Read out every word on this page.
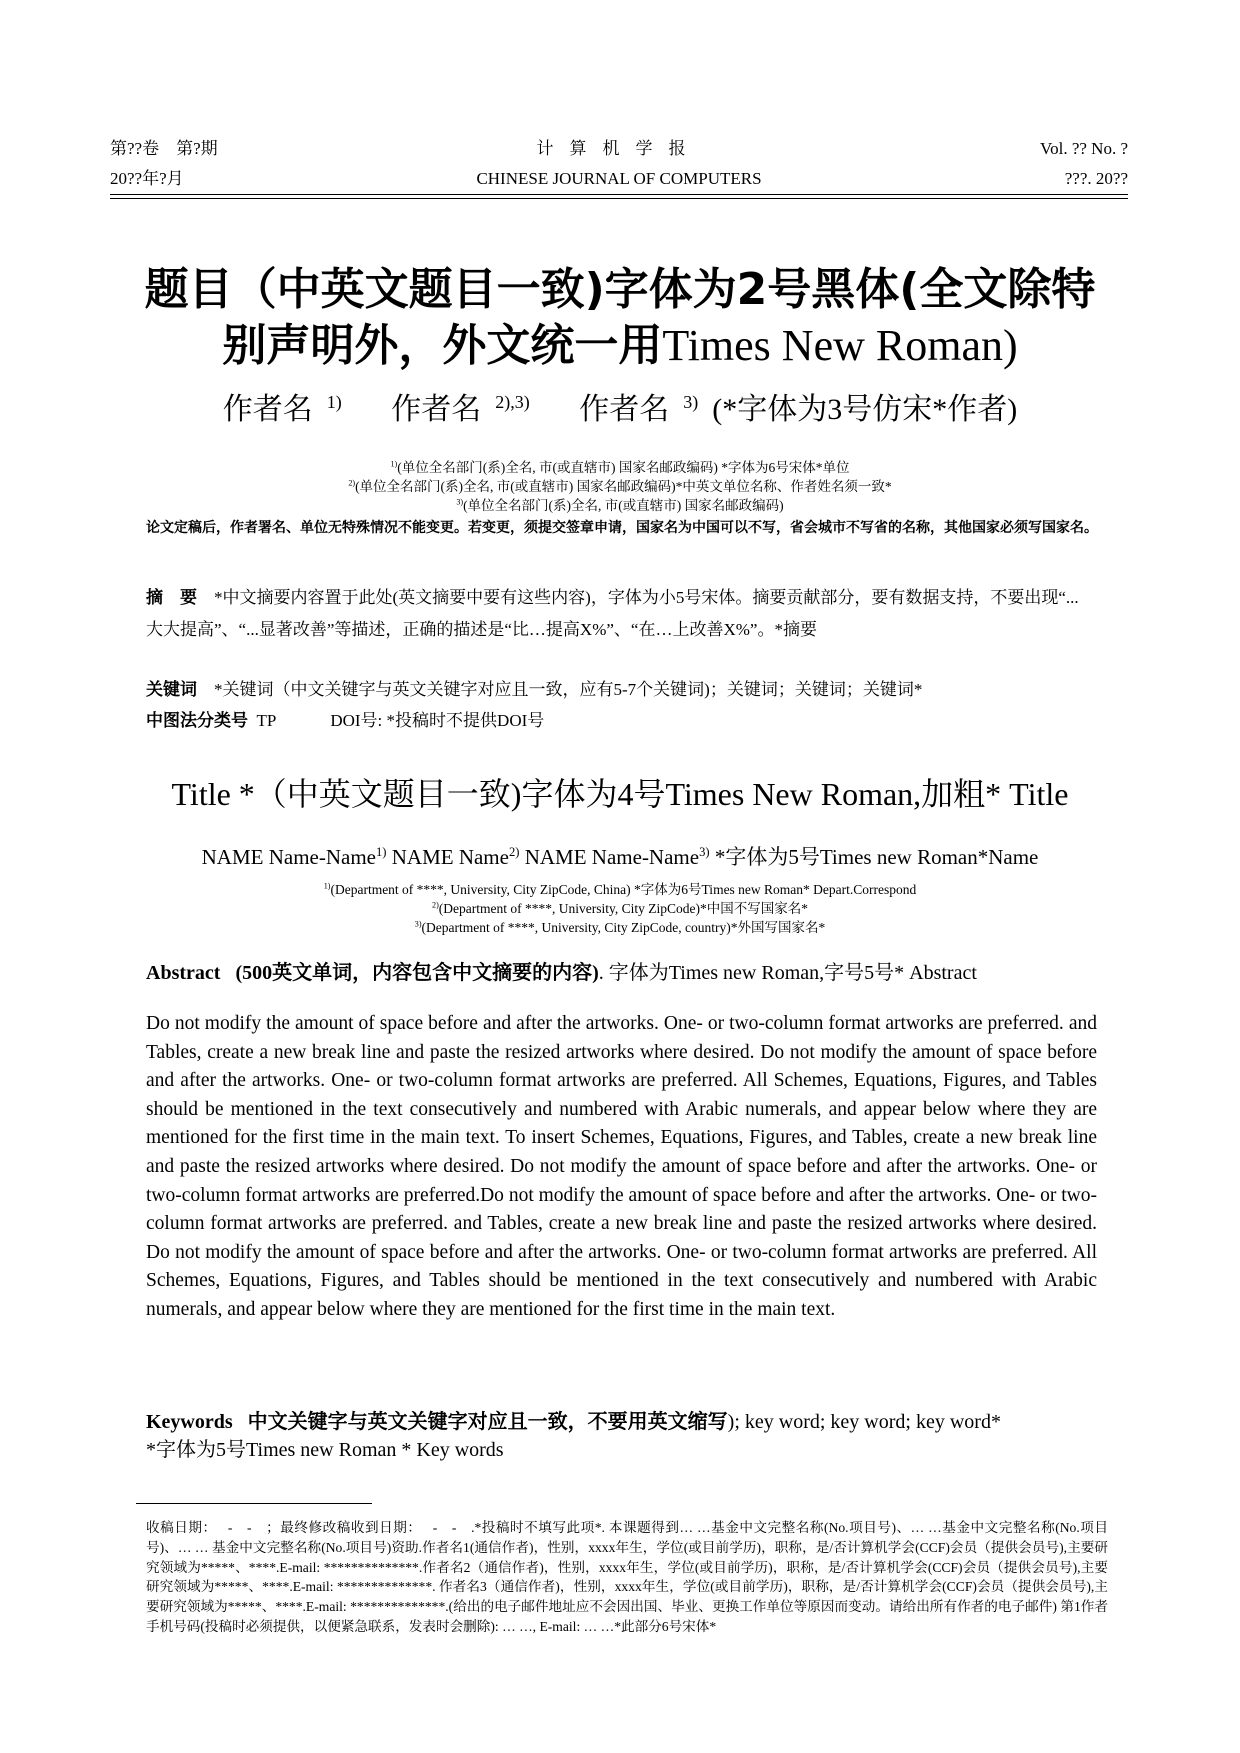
第??卷　第?期	计算机学报	Vol. ?? No. ?
20??年?月	CHINESE JOURNAL OF COMPUTERS	???. 20??
题目（中英文题目一致)字体为2号黑体(全文除特
别声明外，外文统一用Times New Roman)
作者名 $^{1)}$ 作者名 $^{2),3)}$ 作者名 $^{3)}$ (*字体为3号仿宋*作者)
$^{1)}$(单位全名部门(系)全名, 市(或直辖市) 国家名邮政编码) *字体为6号宋体*单位
$^{2)}$(单位全名部门(系)全名, 市(或直辖市) 国家名邮政编码)*中英文单位名称、作者姓名须一致*
$^{3)}$(单位全名部门(系)全名, 市(或直辖市) 国家名邮政编码)
论文定稿后，作者署名、单位无特殊情况不能变更。若变更，须提交签章申请，国家名为中国可以不写，省会城市不写省的名称，其他国家必须写国家名。
摘　要　 *中文摘要内容置于此处(英文摘要中要有这些内容)，字体为小5号宋体。摘要贡献部分，要有数据支持，不要出现“...大大提高”、“...显著改善”等描述，正确的描述是“比…提高X%”、“在…上改善X%”。*摘要
关键词　 *关键词（中文关键字与英文关键字对应且一致，应有5-7个关键词)；关键词；关键词；关键词*
中图法分类号 TP	DOI号: *投稿时不提供DOI号
Title *（中英文题目一致)字体为4号Times New Roman,加粗* Title
NAME Name-Name$^{1)}$ NAME Name$^{2)}$ NAME Name-Name$^{3)}$ *字体为5号Times new Roman*Name
$^{1)}$(Department of ****, University, City ZipCode, China) *字体为6号Times new Roman* Depart.Correspond
$^{2)}$(Department of ****, University, City ZipCode)*中国不写国家名*
$^{3)}$(Department of ****, University, City ZipCode, country)*外国写国家名*
Abstract (500英文单词，内容包含中文摘要的内容). 字体为Times new Roman,字号5号* Abstract
Do not modify the amount of space before and after the artworks. One- or two-column format artworks are preferred. and Tables, create a new break line and paste the resized artworks where desired. Do not modify the amount of space before and after the artworks. One- or two-column format artworks are preferred. All Schemes, Equations, Figures, and Tables should be mentioned in the text consecutively and numbered with Arabic numerals, and appear below where they are mentioned for the first time in the main text. To insert Schemes, Equations, Figures, and Tables, create a new break line and paste the resized artworks where desired. Do not modify the amount of space before and after the artworks. One- or two-column format artworks are preferred.Do not modify the amount of space before and after the artworks. One- or two-column format artworks are preferred. and Tables, create a new break line and paste the resized artworks where desired. Do not modify the amount of space before and after the artworks. One- or two-column format artworks are preferred. All Schemes, Equations, Figures, and Tables should be mentioned in the text consecutively and numbered with Arabic numerals, and appear below where they are mentioned for the first time in the main text.
Keywords 中文关键字与英文关键字对应且一致，不要用英文缩写); key word; key word; key word*
*字体为5号Times new Roman * Key words
收稿日期：　 -　-　；最终修改稿收到日期：　 -　-　.*投稿时不填写此项*. 本课题得到… …基金中文完整名称(No.项目号)、… …基金中文完整名称(No.项目号)、… … 基金中文完整名称(No.项目号)资助.作者名1(通信作者)，性别，xxxx年生，学位(或目前学历)，职称，是/否计算机学会(CCF)会员（提供会员号),主要研究领域为*****、****.E-mail: **************.作者名2（通信作者)，性别，xxxx年生，学位(或目前学历)，职称，是/否计算机学会(CCF)会员（提供会员号),主要研究领域为*****、****.E-mail: **************. 作者名3（通信作者)，性别，xxxx年生，学位(或目前学历)，职称，是/否计算机学会(CCF)会员（提供会员号),主要研究领域为*****、****.E-mail: **************.(给出的电子邮件地址应不会因出国、毕业、更换工作单位等原因而变动。请给出所有作者的电子邮件) 第1作者手机号码(投稿时必须提供，以便紧急联系，发表时会删除): … …, E-mail: … …*此部分6号宋体*
